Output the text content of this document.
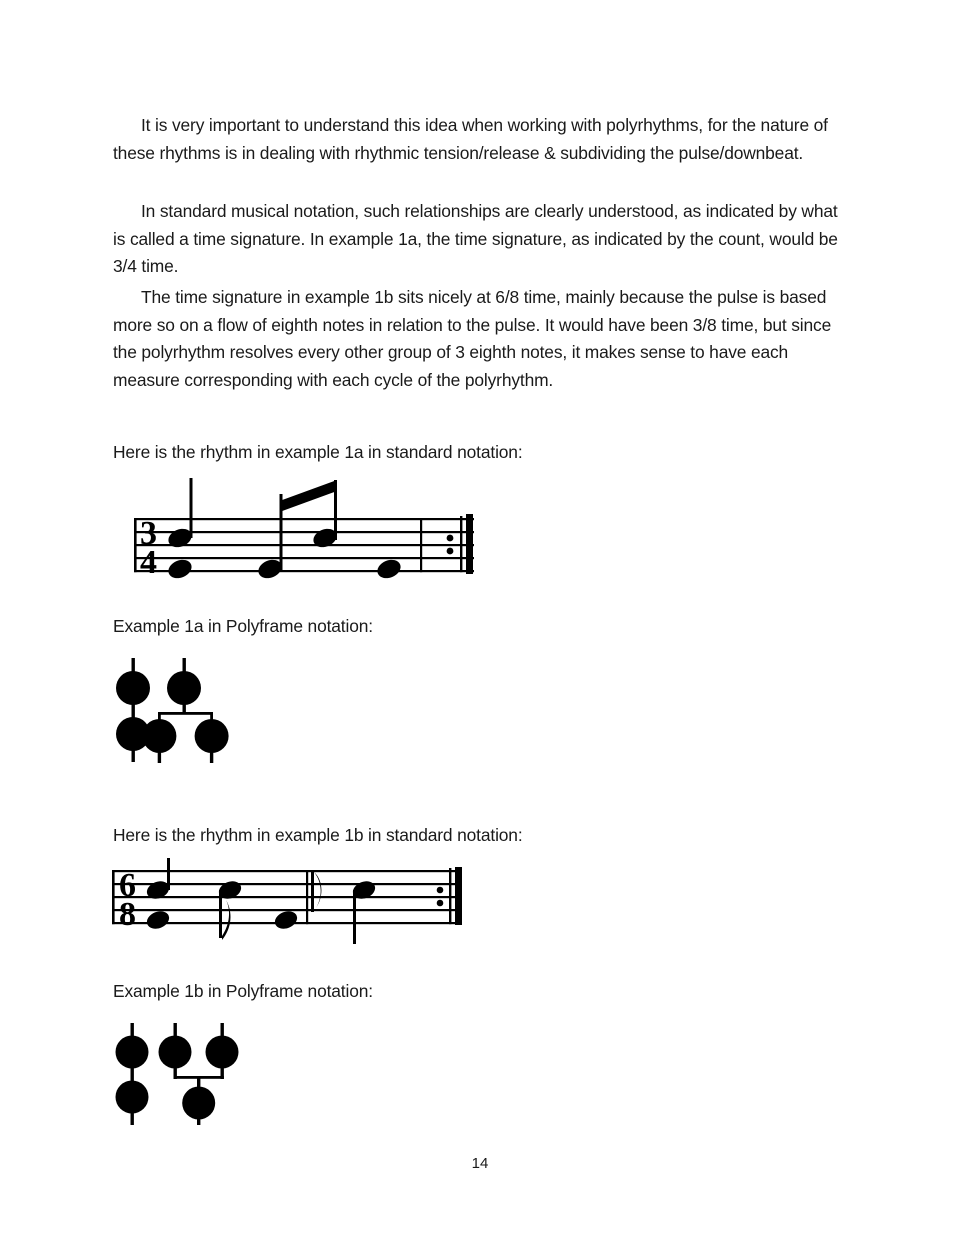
It is very important to understand this idea when working with polyrhythms, for the nature of these rhythms is in dealing with rhythmic tension/release & subdividing the pulse/downbeat.

In standard musical notation, such relationships are clearly understood, as indicated by what is called a time signature. In example 1a, the time signature, as indicated by the count, would be 3/4 time.

The time signature in example 1b sits nicely at 6/8 time, mainly because the pulse is based more so on a flow of eighth notes in relation to the pulse. It would have been 3/8 time, but since the polyrhythm resolves every other group of 3 eighth notes, it makes sense to have each measure corresponding with each cycle of the polyrhythm.

Here is the rhythm in example 1a in standard notation:
3
4
Example 1a in Polyframe notation:
Here is the rhythm in example 1b in standard notation:
6
8
Example 1b in Polyframe notation:
14
